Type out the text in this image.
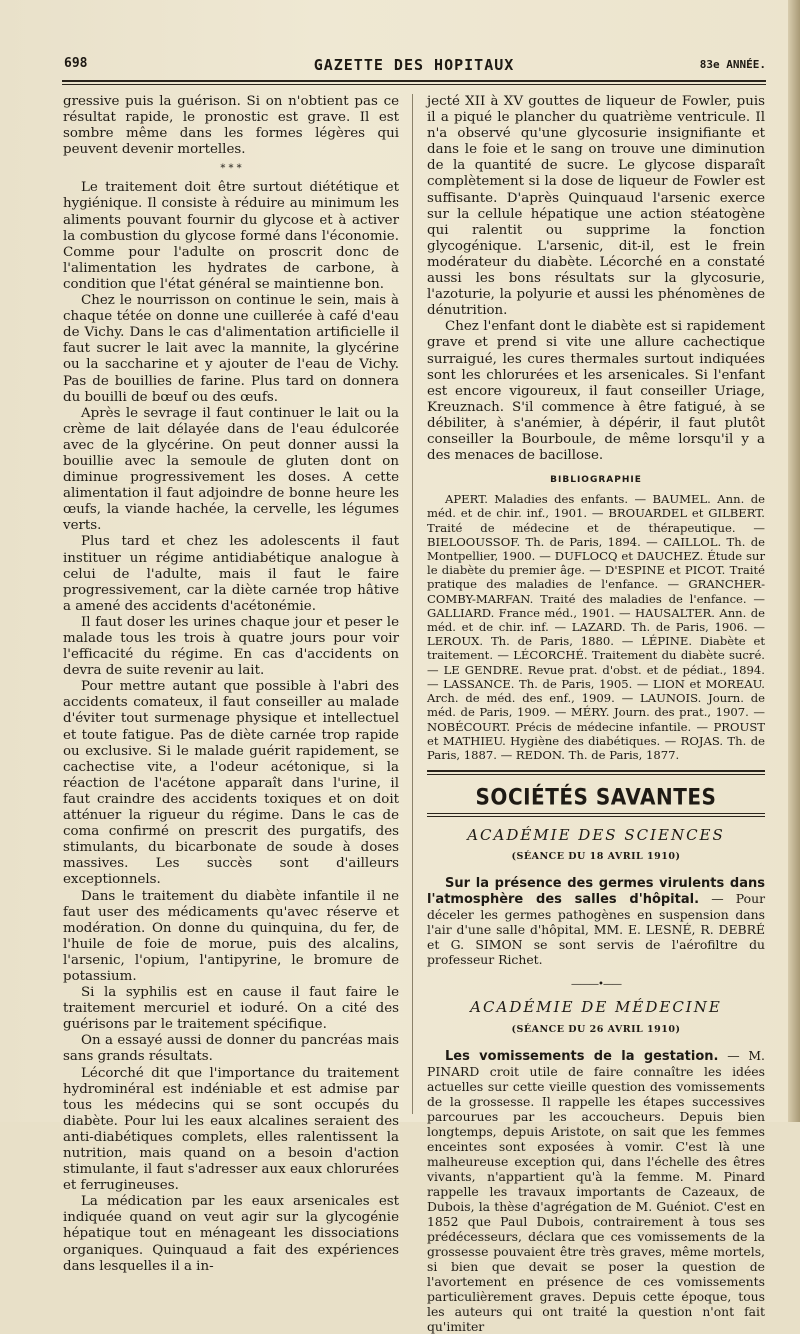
698	GAZETTE DES HOPITAUX	83e ANNÉE.

gressive puis la guérison. Si on n'obtient pas ce résultat rapide, le pronostic est grave. Il est sombre même dans les formes légères qui peuvent devenir mortelles.

* * *

Le traitement doit être surtout diététique et hygiénique. Il consiste à réduire au minimum les aliments pouvant fournir du glycose et à activer la combustion du glycose formé dans l'économie. Comme pour l'adulte on proscrit donc de l'alimentation les hydrates de carbone, à condition que l'état général se maintienne bon.

Chez le nourrisson on continue le sein, mais à chaque tétée on donne une cuillerée à café d'eau de Vichy. Dans le cas d'alimentation artificielle il faut sucrer le lait avec la mannite, la glycérine ou la saccharine et y ajouter de l'eau de Vichy. Pas de bouillies de farine. Plus tard on donnera du bouilli de bœuf ou des œufs.

Après le sevrage il faut continuer le lait ou la crème de lait délayée dans de l'eau édulcorée avec de la glycérine. On peut donner aussi la bouillie avec la semoule de gluten dont on diminue progressivement les doses. A cette alimentation il faut adjoindre de bonne heure les œufs, la viande hachée, la cervelle, les légumes verts.

Plus tard et chez les adolescents il faut instituer un régime antidiabétique analogue à celui de l'adulte, mais il faut le faire progressivement, car la diète carnée trop hâtive a amené des accidents d'acétonémie.

Il faut doser les urines chaque jour et peser le malade tous les trois à quatre jours pour voir l'efficacité du régime. En cas d'accidents on devra de suite revenir au lait.

Pour mettre autant que possible à l'abri des accidents comateux, il faut conseiller au malade d'éviter tout surmenage physique et intellectuel et toute fatigue. Pas de diète carnée trop rapide ou exclusive. Si le malade guérit rapidement, se cachectise vite, a l'odeur acétonique, si la réaction de l'acétone apparaît dans l'urine, il faut craindre des accidents toxiques et on doit atténuer la rigueur du régime. Dans le cas de coma confirmé on prescrit des purgatifs, des stimulants, du bicarbonate de soude à doses massives. Les succès sont d'ailleurs exceptionnels.

Dans le traitement du diabète infantile il ne faut user des médicaments qu'avec réserve et modération. On donne du quinquina, du fer, de l'huile de foie de morue, puis des alcalins, l'arsenic, l'opium, l'antipyrine, le bromure de potassium.

Si la syphilis est en cause il faut faire le traitement mercuriel et ioduré. On a cité des guérisons par le traitement spécifique.

On a essayé aussi de donner du pancréas mais sans grands résultats.

Lécorché dit que l'importance du traitement hydrominéral est indéniable et est admise par tous les médecins qui se sont occupés du diabète. Pour lui les eaux alcalines seraient des anti-diabétiques complets, elles ralentissent la nutrition, mais quand on a besoin d'action stimulante, il faut s'adresser aux eaux chlorurées et ferrugineuses.

La médication par les eaux arsenicales est indiquée quand on veut agir sur la glycogénie hépatique tout en ménageant les dissociations organiques. Quinquaud a fait des expériences dans lesquelles il a in-

jecté XII à XV gouttes de liqueur de Fowler, puis il a piqué le plancher du quatrième ventricule. Il n'a observé qu'une glycosurie insignifiante et dans le foie et le sang on trouve une diminution de la quantité de sucre. Le glycose disparaît complètement si la dose de liqueur de Fowler est suffisante. D'après Quinquaud l'arsenic exerce sur la cellule hépatique une action stéatogène qui ralentit ou supprime la fonction glycogénique. L'arsenic, dit-il, est le frein modérateur du diabète. Lécorché en a constaté aussi les bons résultats sur la glycosurie, l'azoturie, la polyurie et aussi les phénomènes de dénutrition.

Chez l'enfant dont le diabète est si rapidement grave et prend si vite une allure cachectique surraigué, les cures thermales surtout indiquées sont les chlorurées et les arsenicales. Si l'enfant est encore vigoureux, il faut conseiller Uriage, Kreuznach. S'il commence à être fatigué, à se débiliter, à s'anémier, à dépérir, il faut plutôt conseiller la Bourboule, de même lorsqu'il y a des menaces de bacillose.

BIBLIOGRAPHIE

APERT. Maladies des enfants. — BAUMEL. Ann. de méd. et de chir. inf., 1901. — BROUARDEL et GILBERT. Traité de médecine et de thérapeutique. — BIELOOUSSOF. Th. de Paris, 1894. — CAILLOL. Th. de Montpellier, 1900. — DUFLOCQ et DAUCHEZ. Étude sur le diabète du premier âge. — D'ESPINE et PICOT. Traité pratique des maladies de l'enfance. — GRANCHER-COMBY-MARFAN. Traité des maladies de l'enfance. — GALLIARD. France méd., 1901. — HAUSALTER. Ann. de méd. et de chir. inf. — LAZARD. Th. de Paris, 1906. — LEROUX. Th. de Paris, 1880. — LÉPINE. Diabète et traitement. — LÉCORCHÉ. Traitement du diabète sucré. — LE GENDRE. Revue prat. d'obst. et de pédiat., 1894. — LASSANCE. Th. de Paris, 1905. — LION et MOREAU. Arch. de méd. des enf., 1909. — LAUNOIS. Journ. de méd. de Paris, 1909. — MÉRY. Journ. des prat., 1907. — NOBÉCOURT. Précis de médecine infantile. — PROUST et MATHIEU. Hygiène des diabétiques. — ROJAS. Th. de Paris, 1887. — REDON. Th. de Paris, 1877.

SOCIÉTÉS SAVANTES
ACADÉMIE DES SCIENCES
(SÉANCE DU 18 AVRIL 1910)

Sur la présence des germes virulents dans l'atmosphère des salles d'hôpital. — Pour déceler les germes pathogènes en suspension dans l'air d'une salle d'hôpital, MM. E. LESNÉ, R. DEBRÉ et G. SIMON se sont servis de l'aérofiltre du professeur Richet.

———•——
ACADÉMIE DE MÉDECINE
(SÉANCE DU 26 AVRIL 1910)

Les vomissements de la gestation. — M. PINARD croit utile de faire connaître les idées actuelles sur cette vieille question des vomissements de la grossesse. Il rappelle les étapes successives parcourues par les accoucheurs. Depuis bien longtemps, depuis Aristote, on sait que les femmes enceintes sont exposées à vomir. C'est là une malheureuse exception qui, dans l'échelle des êtres vivants, n'appartient qu'à la femme. M. Pinard rappelle les travaux importants de Cazeaux, de Dubois, la thèse d'agrégation de M. Guéniot. C'est en 1852 que Paul Dubois, contrairement à tous ses prédécesseurs, déclara que ces vomissements de la grossesse pouvaient être très graves, même mortels, si bien que devait se poser la question de l'avortement en présence de ces vomissements particulièrement graves. Depuis cette époque, tous les auteurs qui ont traité la question n'ont fait qu'imiter
